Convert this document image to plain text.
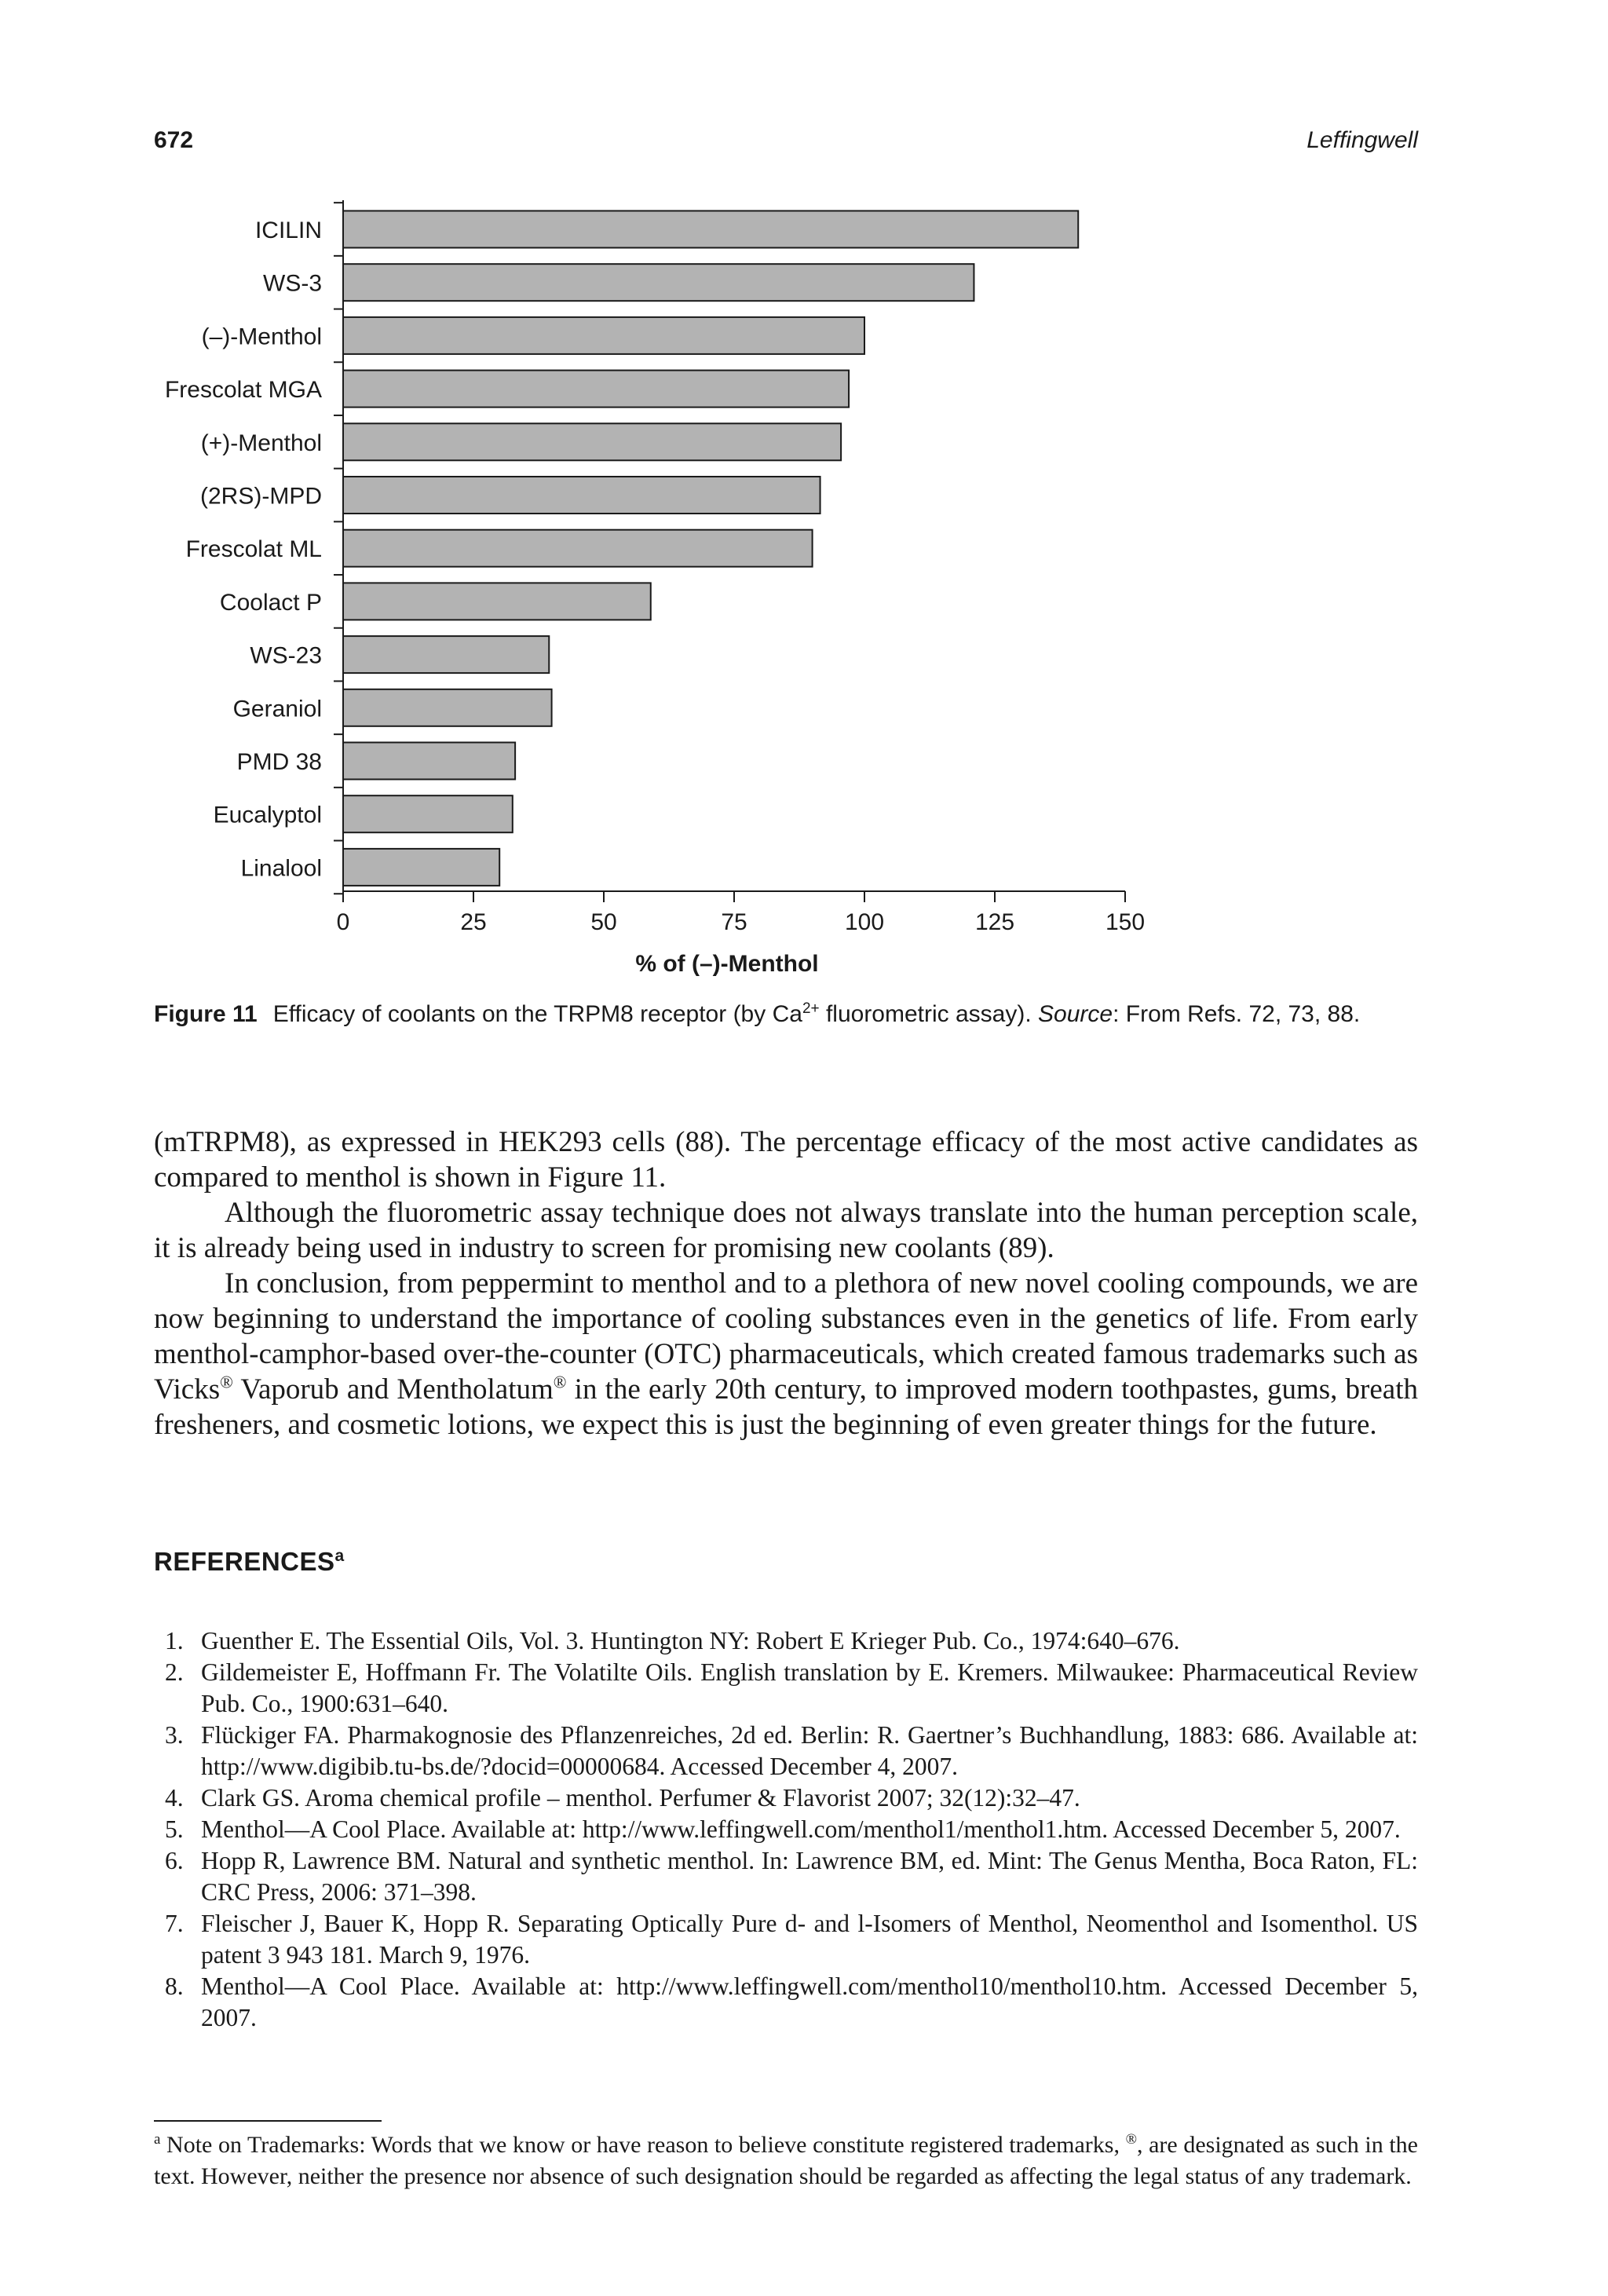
672	Leffingwell
ICILIN
WS-3
(–)-Menthol
Frescolat MGA
(+)-Menthol
(2RS)-MPD
Frescolat ML
Coolact P
WS-23
Geraniol
PMD 38
Eucalyptol
Linalool
0	25	50	75	100	125	150
% of (–)-Menthol
Figure 11 Efficacy of coolants on the TRPM8 receptor (by $Ca^{2+}$ fluorometric assay). Source: From Refs. 72, 73, 88.

(mTRPM8), as expressed in HEK293 cells (88). The percentage efficacy of the most active candidates as compared to menthol is shown in Figure 11.

Although the fluorometric assay technique does not always translate into the human perception scale, it is already being used in industry to screen for promising new coolants (89).

In conclusion, from peppermint to menthol and to a plethora of new novel cooling compounds, we are now beginning to understand the importance of cooling substances even in the genetics of life. From early menthol-camphor-based over-the-counter (OTC) pharmaceuticals, which created famous trademarks such as Vicks® Vaporub and Mentholatum® in the early 20th century, to improved modern toothpastes, gums, breath fresheners, and cosmetic lotions, we expect this is just the beginning of even greater things for the future.

REFERENCES$^a$
1. Guenther E. The Essential Oils, Vol. 3. Huntington NY: Robert E Krieger Pub. Co., 1974:640–676.
2. Gildemeister E, Hoffmann Fr. The Volatilte Oils. English translation by E. Kremers. Milwaukee: Pharmaceutical Review Pub. Co., 1900:631–640.
3. Flückiger FA. Pharmakognosie des Pflanzenreiches, 2d ed. Berlin: R. Gaertner’s Buchhandlung, 1883: 686. Available at: http://www.digibib.tu-bs.de/?docid=00000684. Accessed December 4, 2007.
4. Clark GS. Aroma chemical profile – menthol. Perfumer & Flavorist 2007; 32(12):32–47.
5. Menthol—A Cool Place. Available at: http://www.leffingwell.com/menthol1/menthol1.htm. Accessed December 5, 2007.
6. Hopp R, Lawrence BM. Natural and synthetic menthol. In: Lawrence BM, ed. Mint: The Genus Mentha, Boca Raton, FL: CRC Press, 2006: 371–398.
7. Fleischer J, Bauer K, Hopp R. Separating Optically Pure d- and l-Isomers of Menthol, Neomenthol and Isomenthol. US patent 3 943 181. March 9, 1976.
8. Menthol—A Cool Place. Available at: http://www.leffingwell.com/menthol10/menthol10.htm. Accessed December 5, 2007.
$^a$ Note on Trademarks: Words that we know or have reason to believe constitute registered trademarks, ®, are designated as such in the text. However, neither the presence nor absence of such designation should be regarded as affecting the legal status of any trademark.
